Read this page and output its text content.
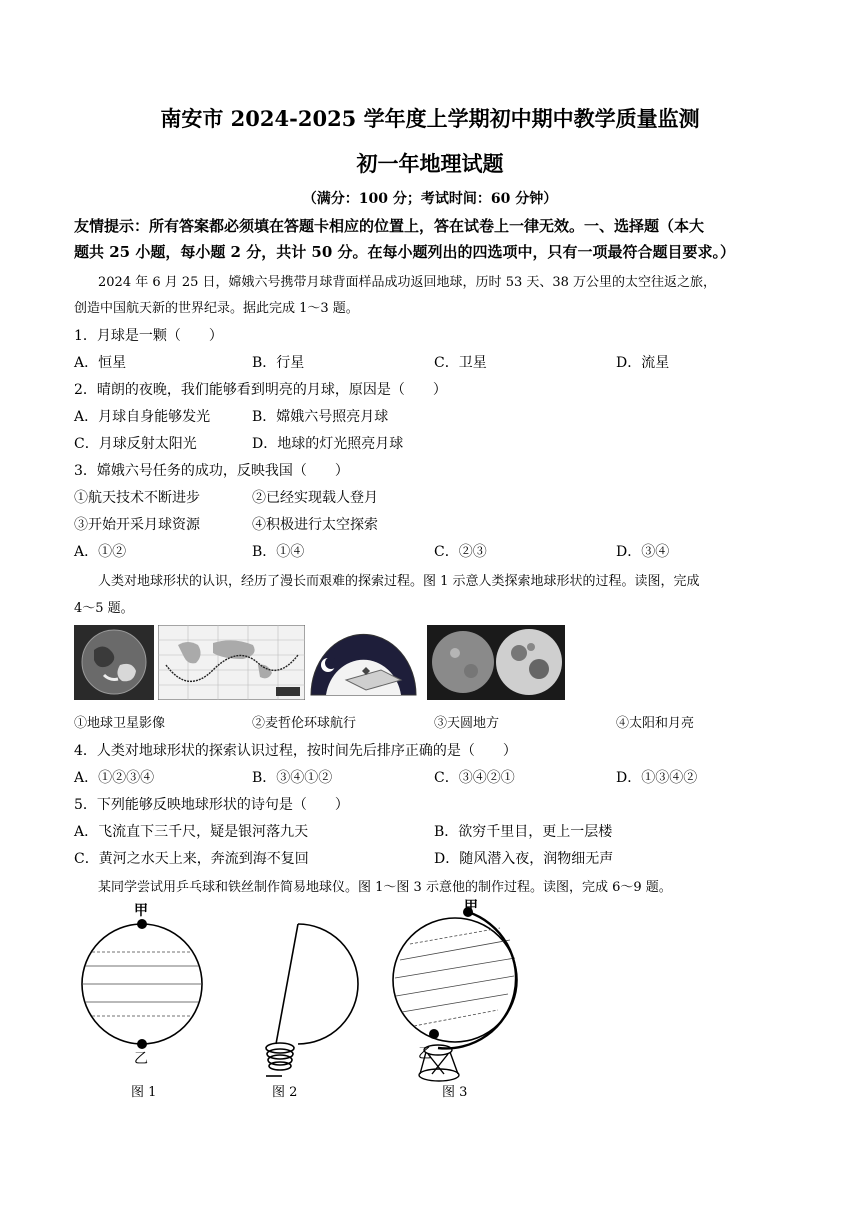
南安市 2024-2025 学年度上学期初中期中教学质量监测
初一年地理试题
（满分：100 分；考试时间：60 分钟）
友情提示：所有答案都必须填在答题卡相应的位置上，答在试卷上一律无效。一、选择题（本大
题共 25 小题，每小题 2 分，共计 50 分。在每小题列出的四选项中，只有一项最符合题目要求。）
2024 年 6 月 25 日，嫦娥六号携带月球背面样品成功返回地球，历时 53 天、38 万公里的太空往返之旅，
创造中国航天新的世界纪录。据此完成 1～3 题。
1．月球是一颗（　　）
A．恒星	B．行星	C．卫星	D．流星
2．晴朗的夜晚，我们能够看到明亮的月球，原因是（　　）
A．月球自身能够发光	B．嫦娥六号照亮月球
C．月球反射太阳光	D．地球的灯光照亮月球
3．嫦娥六号任务的成功，反映我国（　　）
①航天技术不断进步	②已经实现载人登月
③开始开采月球资源	④积极进行太空探索
A．①②	B．①④	C．②③	D．③④
人类对地球形状的认识，经历了漫长而艰难的探索过程。图 1 示意人类探索地球形状的过程。读图，完成
4～5 题。
①地球卫星影像	②麦哲伦环球航行	③天圆地方	④太阳和月亮
4．人类对地球形状的探索认识过程，按时间先后排序正确的是（　　）
A．①②③④	B．③④①②	C．③④②①	D．①③④②
5．下列能够反映地球形状的诗句是（　　）
A．飞流直下三千尺，疑是银河落九天	B．欲穷千里目，更上一层楼
C．黄河之水天上来，奔流到海不复回	D．随风潜入夜，润物细无声
某同学尝试用乒乓球和铁丝制作简易地球仪。图 1～图 3 示意他的制作过程。读图，完成 6～9 题。
甲
乙
甲
乙
图 1	图 2	图 3
